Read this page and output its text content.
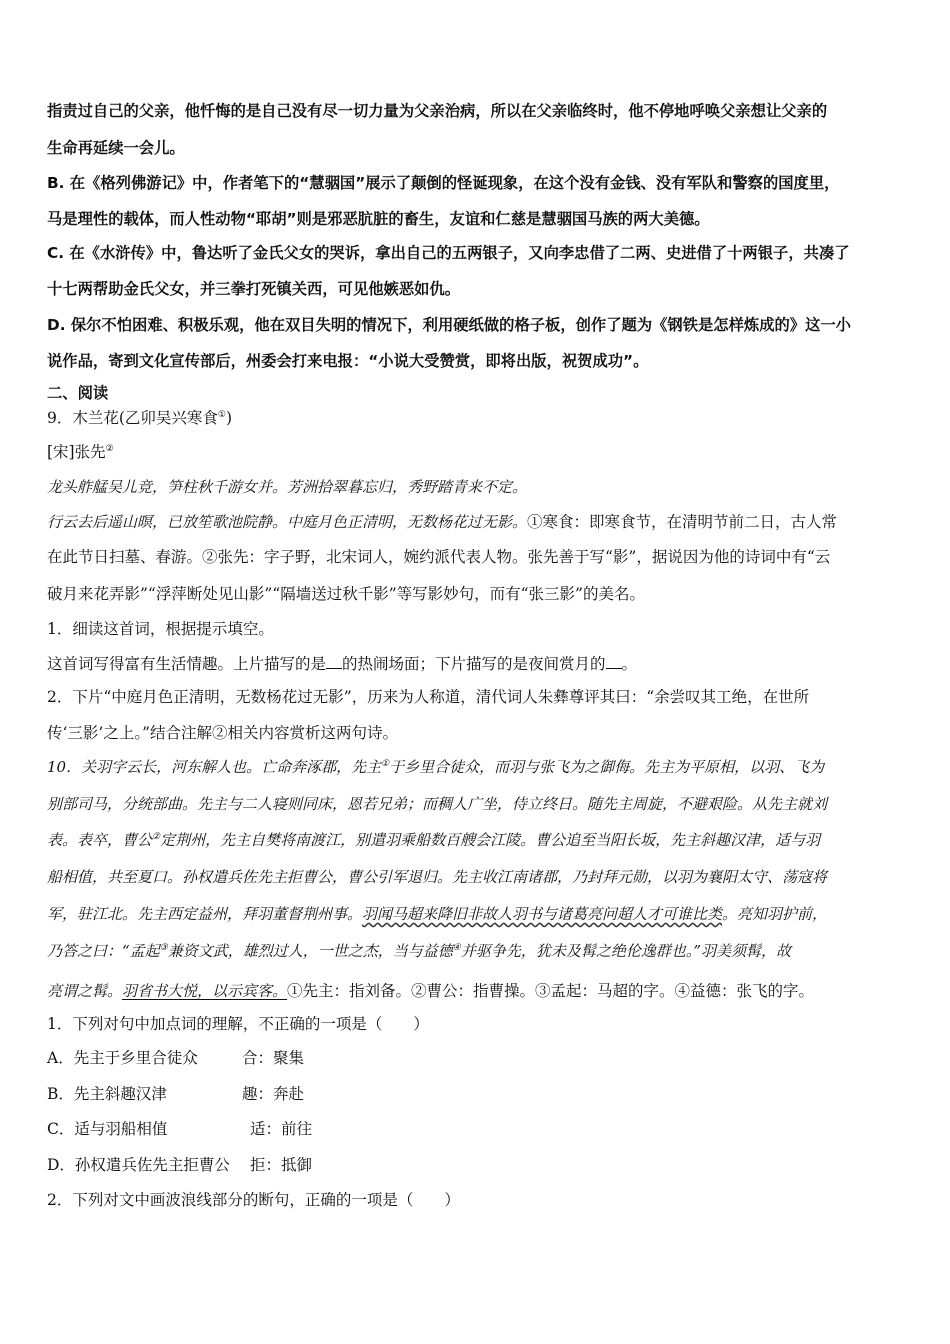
指责过自己的父亲，他忏悔的是自己没有尽一切力量为父亲治病，所以在父亲临终时，他不停地呼唤父亲想让父亲的
生命再延续一会儿。
B. 在《格列佛游记》中，作者笔下的“慧骃国”展示了颠倒的怪诞现象，在这个没有金钱、没有军队和警察的国度里，
马是理性的载体，而人性动物“耶胡”则是邪恶肮脏的畜生，友谊和仁慈是慧骃国马族的两大美德。
C. 在《水浒传》中，鲁达听了金氏父女的哭诉，拿出自己的五两银子，又向李忠借了二两、史进借了十两银子，共凑了
十七两帮助金氏父女，并三拳打死镇关西，可见他嫉恶如仇。
D. 保尔不怕困难、积极乐观，他在双目失明的情况下，利用硬纸做的格子板，创作了题为《钢铁是怎样炼成的》这一小
说作品，寄到文化宣传部后，州委会打来电报：“小说大受赞赏，即将出版，祝贺成功”。
二、阅读
9．木兰花(乙卯吴兴寒食①)
[宋]张先②
龙头舴艋吴儿竞，笋柱秋千游女并。芳洲拾翠暮忘归，秀野踏青来不定。
行云去后遥山暝，已放笙歌池院静。中庭月色正清明，无数杨花过无影。①寒食：即寒食节，在清明节前二日，古人常
在此节日扫墓、春游。②张先：字子野，北宋词人，婉约派代表人物。张先善于写“影”，据说因为他的诗词中有“云
破月来花弄影”“浮萍断处见山影”“隔墙送过秋千影”等写影妙句，而有“张三影”的美名。
1．细读这首词，根据提示填空。
这首词写得富有生活情趣。上片描写的是 的热闹场面；下片描写的是夜间赏月的 。
2．下片“中庭月色正清明，无数杨花过无影”，历来为人称道，清代词人朱彝尊评其曰：“余尝叹其工绝，在世所
传‘三影’之上。”结合注解②相关内容赏析这两句诗。
10．关羽字云长，河东解人也。亡命奔涿郡，先主①于乡里合徒众，而羽与张飞为之御侮。先主为平原相，以羽、飞为
别部司马，分统部曲。先主与二人寝则同床，恩若兄弟；而稠人广坐，侍立终日。随先主周旋，不避艰险。从先主就刘
表。表卒，曹公②定荆州，先主自樊将南渡江，别遣羽乘船数百艘会江陵。曹公追至当阳长坂，先主斜趣汉津，适与羽
船相值，共至夏口。孙权遣兵佐先主拒曹公，曹公引军退归。先主收江南诸郡，乃封拜元勋，以羽为襄阳太守、荡寇将
军，驻江北。先主西定益州，拜羽董督荆州事。羽闻马超来降旧非故人羽书与诸葛亮问超人才可谁比类。亮知羽护前，
乃答之曰：“孟起③兼资文武，雄烈过人，一世之杰，当与益德④并驱争先，犹未及髯之绝伦逸群也。”羽美须髯，故
亮谓之髯。羽省书大悦，以示宾客。①先主：指刘备。②曹公：指曹操。③孟起：马超的字。④益德：张飞的字。
1．下列对句中加点词的理解，不正确的一项是（　　）
A．先主于乡里合徒众	合：聚集
B．先主斜趣汉津	趣：奔赴
C．适与羽船相值	适：前往
D．孙权遣兵佐先主拒曹公 拒：抵御
2．下列对文中画波浪线部分的断句，正确的一项是（　　）
